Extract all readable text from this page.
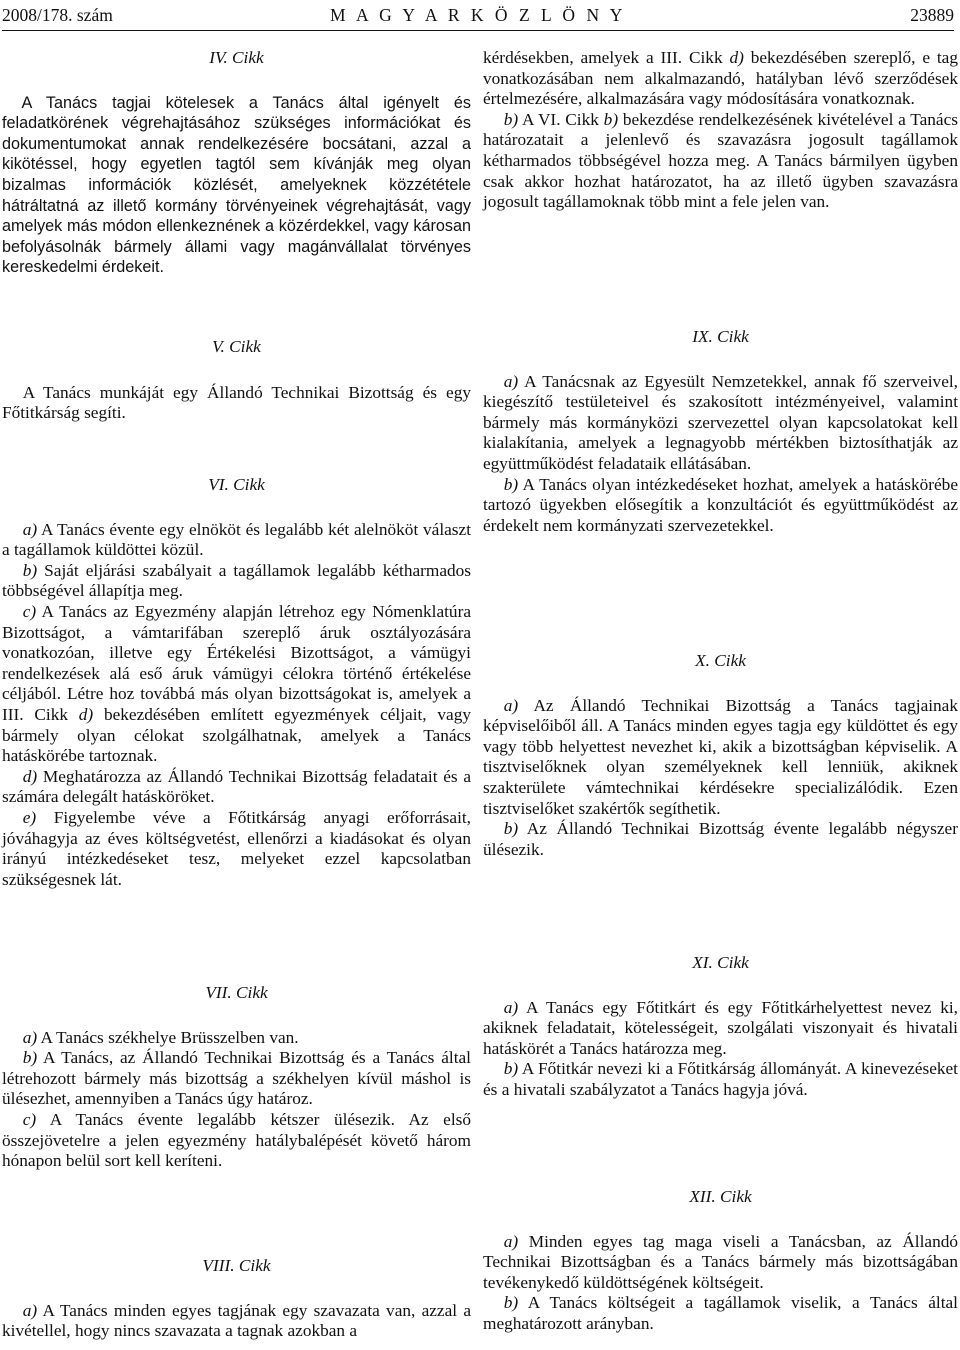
2008/178. szám	M A G Y A R K Ö Z L Ö N Y	23889

IV. Cikk

A Tanács tagjai kötelesek a Tanács által igényelt és feladatkörének végrehajtásához szükséges információkat és dokumentumokat annak rendelkezésére bocsátani, azzal a kikötéssel, hogy egyetlen tagtól sem kívánják meg olyan bizalmas információk közlését, amelyeknek közzététele hátráltatná az illető kormány törvényeinek végrehajtását, vagy amelyek más módon ellenkeznének a közérdekkel, vagy károsan befolyásolnák bármely állami vagy magánvállalat törvényes kereskedelmi érdekeit.

V. Cikk

A Tanács munkáját egy Állandó Technikai Bizottság és egy Főtitkárság segíti.

VI. Cikk

a) A Tanács évente egy elnököt és legalább két alelnököt választ a tagállamok küldöttei közül.

b) Saját eljárási szabályait a tagállamok legalább kétharmados többségével állapítja meg.

c) A Tanács az Egyezmény alapján létrehoz egy Nómenklatúra Bizottságot, a vámtarifában szereplő áruk osztályozására vonatkozóan, illetve egy Értékelési Bizottságot, a vámügyi rendelkezések alá eső áruk vámügyi célokra történő értékelése céljából. Létre hoz továbbá más olyan bizottságokat is, amelyek a III. Cikk d) bekezdésében említett egyezmények céljait, vagy bármely olyan célokat szolgálhatnak, amelyek a Tanács hatáskörébe tartoznak.

d) Meghatározza az Állandó Technikai Bizottság feladatait és a számára delegált hatásköröket.

e) Figyelembe véve a Főtitkárság anyagi erőforrásait, jóváhagyja az éves költségvetést, ellenőrzi a kiadásokat és olyan irányú intézkedéseket tesz, melyeket ezzel kapcsolatban szükségesnek lát.

VII. Cikk

a) A Tanács székhelye Brüsszelben van.

b) A Tanács, az Állandó Technikai Bizottság és a Tanács által létrehozott bármely más bizottság a székhelyen kívül máshol is ülésezhet, amennyiben a Tanács úgy határoz.

c) A Tanács évente legalább kétszer ülésezik. Az első összejövetelre a jelen egyezmény hatálybalépését követő három hónapon belül sort kell keríteni.

VIII. Cikk

a) A Tanács minden egyes tagjának egy szavazata van, azzal a kivétellel, hogy nincs szavazata a tagnak azokban a

kérdésekben, amelyek a III. Cikk d) bekezdésében szereplő, e tag vonatkozásában nem alkalmazandó, hatályban lévő szerződések értelmezésére, alkalmazására vagy módosítására vonatkoznak.

b) A VI. Cikk b) bekezdése rendelkezésének kivételével a Tanács határozatait a jelenlevő és szavazásra jogosult tagállamok kétharmados többségével hozza meg. A Tanács bármilyen ügyben csak akkor hozhat határozatot, ha az illető ügyben szavazásra jogosult tagállamoknak több mint a fele jelen van.

IX. Cikk

a) A Tanácsnak az Egyesült Nemzetekkel, annak fő szerveivel, kiegészítő testületeivel és szakosított intézményeivel, valamint bármely más kormányközi szervezettel olyan kapcsolatokat kell kialakítania, amelyek a legnagyobb mértékben biztosíthatják az együttműködést feladataik ellátásában.

b) A Tanács olyan intézkedéseket hozhat, amelyek a hatáskörébe tartozó ügyekben elősegítik a konzultációt és együttműködést az érdekelt nem kormányzati szervezetekkel.

X. Cikk

a) Az Állandó Technikai Bizottság a Tanács tagjainak képviselőiből áll. A Tanács minden egyes tagja egy küldöttet és egy vagy több helyettest nevezhet ki, akik a bizottságban képviselik. A tisztviselőknek olyan személyeknek kell lenniük, akiknek szakterülete vámtechnikai kérdésekre specializálódik. Ezen tisztviselőket szakértők segíthetik.

b) Az Állandó Technikai Bizottság évente legalább négyszer ülésezik.

XI. Cikk

a) A Tanács egy Főtitkárt és egy Főtitkárhelyettest nevez ki, akiknek feladatait, kötelességeit, szolgálati viszonyait és hivatali hatáskörét a Tanács határozza meg.

b) A Főtitkár nevezi ki a Főtitkárság állományát. A kinevezéseket és a hivatali szabályzatot a Tanács hagyja jóvá.

XII. Cikk

a) Minden egyes tag maga viseli a Tanácsban, az Állandó Technikai Bizottságban és a Tanács bármely más bizottságában tevékenykedő küldöttségének költségeit.

b) A Tanács költségeit a tagállamok viselik, a Tanács által meghatározott arányban.
